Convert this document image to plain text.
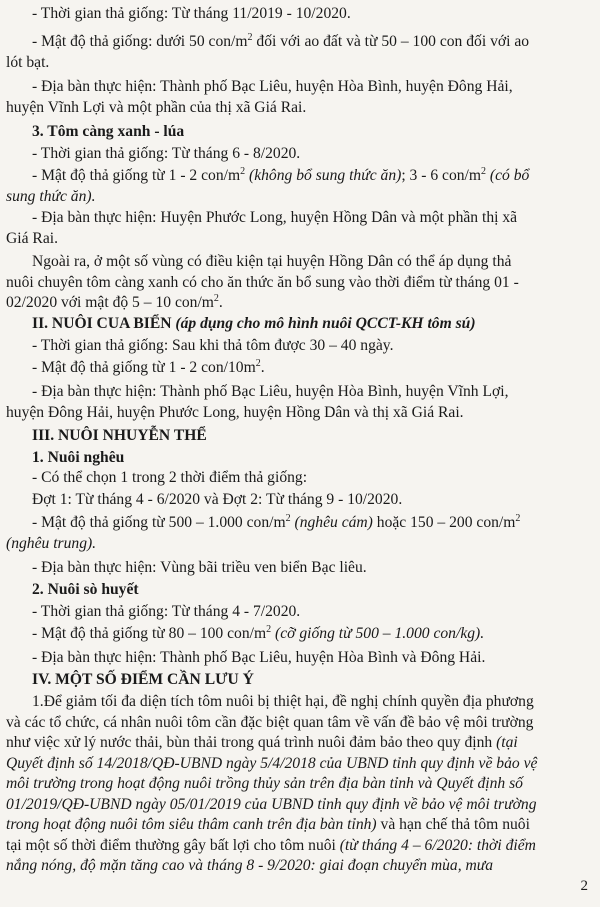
- Thời gian thả giống: Từ tháng 11/2019 - 10/2020.
- Mật độ thả giống: dưới 50 con/$m^2$ đối với ao đất và từ 50 – 100 con đối với ao
lót bạt.
- Địa bàn thực hiện: Thành phố Bạc Liêu, huyện Hòa Bình, huyện Đông Hải,
huyện Vĩnh Lợi và một phần của thị xã Giá Rai.
3. Tôm càng xanh - lúa
- Thời gian thả giống: Từ tháng 6 - 8/2020.
- Mật độ thả giống từ 1 - 2 con/$m^2$ (không bổ sung thức ăn); 3 - 6 con/$m^2$ (có bổ
sung thức ăn).
- Địa bàn thực hiện: Huyện Phước Long, huyện Hồng Dân và một phần thị xã
Giá Rai.
Ngoài ra, ở một số vùng có điều kiện tại huyện Hồng Dân có thể áp dụng thả
nuôi chuyên tôm càng xanh có cho ăn thức ăn bổ sung vào thời điểm từ tháng 01 -
02/2020 với mật độ 5 – 10 con/$m^2$.
II. NUÔI CUA BIỂN (áp dụng cho mô hình nuôi QCCT-KH tôm sú)
- Thời gian thả giống: Sau khi thả tôm được 30 – 40 ngày.
- Mật độ thả giống từ 1 - 2 con/$10m^2$.
- Địa bàn thực hiện: Thành phố Bạc Liêu, huyện Hòa Bình, huyện Vĩnh Lợi,
huyện Đông Hải, huyện Phước Long, huyện Hồng Dân và thị xã Giá Rai.
III. NUÔI NHUYỄN THỂ
1. Nuôi nghêu
- Có thể chọn 1 trong 2 thời điểm thả giống:
Đợt 1: Từ tháng 4 - 6/2020 và Đợt 2: Từ tháng 9 - 10/2020.
- Mật độ thả giống từ 500 – 1.000 con/$m^2$ (nghêu cám) hoặc 150 – 200 con/$m^2$
(nghêu trung).
- Địa bàn thực hiện: Vùng bãi triều ven biển Bạc liêu.
2. Nuôi sò huyết
- Thời gian thả giống: Từ tháng 4 - 7/2020.
- Mật độ thả giống từ 80 – 100 con/$m^2$ (cỡ giống từ 500 – 1.000 con/kg).
- Địa bàn thực hiện: Thành phố Bạc Liêu, huyện Hòa Bình và Đông Hải.
IV. MỘT SỐ ĐIỂM CẦN LƯU Ý
1.Để giảm tối đa diện tích tôm nuôi bị thiệt hại, đề nghị chính quyền địa phương
và các tổ chức, cá nhân nuôi tôm cần đặc biệt quan tâm về vấn đề bảo vệ môi trường
như việc xử lý nước thải, bùn thải trong quá trình nuôi đảm bảo theo quy định (tại
Quyết định số 14/2018/QĐ-UBND ngày 5/4/2018 của UBND tỉnh quy định về bảo vệ
môi trường trong hoạt động nuôi trồng thủy sản trên địa bàn tỉnh và Quyết định số
01/2019/QĐ-UBND ngày 05/01/2019 của UBND tỉnh quy định về bảo vệ môi trường
trong hoạt động nuôi tôm siêu thâm canh trên địa bàn tỉnh) và hạn chế thả tôm nuôi
tại một số thời điểm thường gây bất lợi cho tôm nuôi (từ tháng 4 – 6/2020: thời điểm
nắng nóng, độ mặn tăng cao và tháng 8 - 9/2020: giai đoạn chuyển mùa, mưa
2
